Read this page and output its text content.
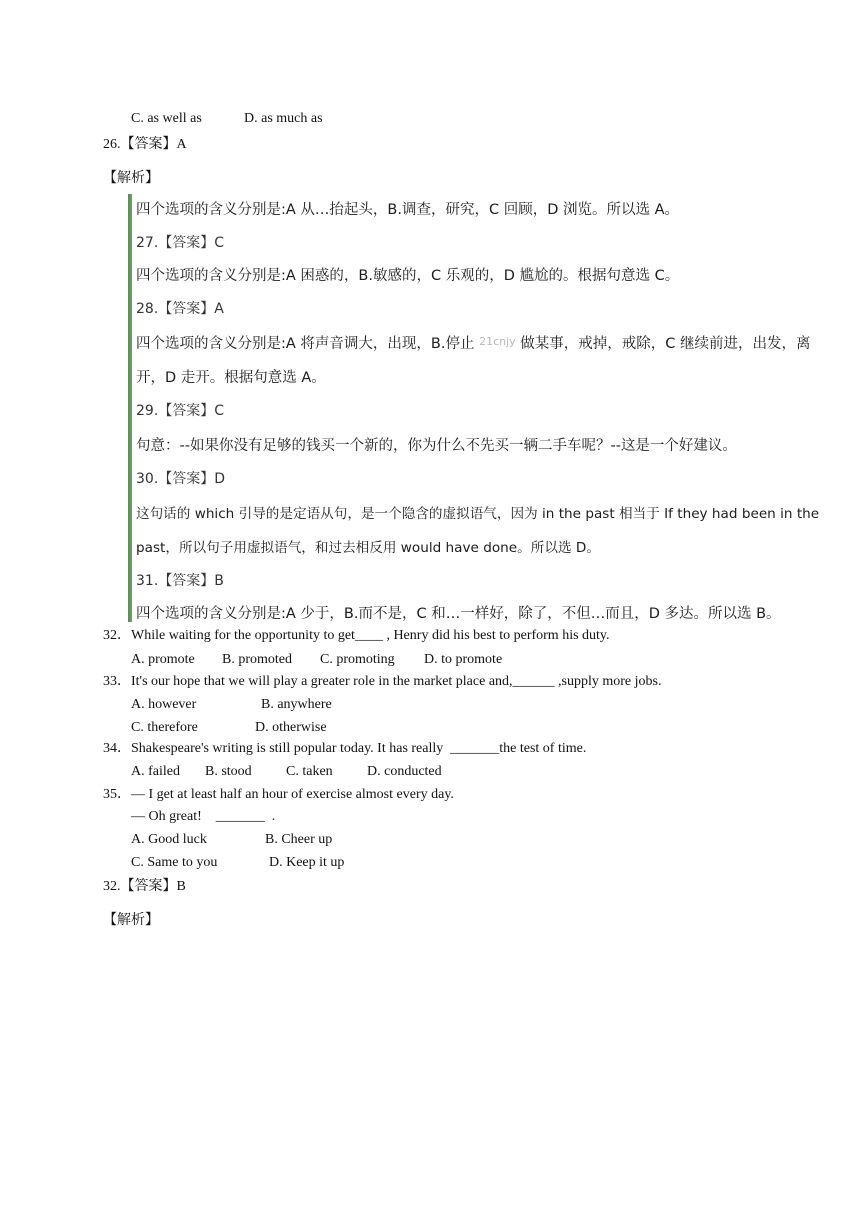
C. as well as	D. as much as
26.【答案】A
【解析】
四个选项的含义分别是:A 从…抬起头，B.调查，研究，C 回顾，D 浏览。所以选 A。
27.【答案】C
四个选项的含义分别是:A 困惑的，B.敏感的，C 乐观的，D 尴尬的。根据句意选 C。
28.【答案】A
四个选项的含义分别是:A 将声音调大，出现，B.停止 $^{21cnjy}$ 做某事，戒掉，戒除，C 继续前进，出发，离
开，D 走开。根据句意选 A。
29.【答案】C
句意：--如果你没有足够的钱买一个新的，你为什么不先买一辆二手车呢？--这是一个好建议。
30.【答案】D
这句话的 which 引导的是定语从句，是一个隐含的虚拟语气，因为 in the past 相当于 If they had been in the
past，所以句子用虚拟语气，和过去相反用 would have done。所以选 D。
31.【答案】B
四个选项的含义分别是:A 少于，B.而不是，C 和…一样好，除了，不但…而且，D 多达。所以选 B。
32．While waiting for the opportunity to get____ , Henry did his best to perform his duty.
A. promote B. promoted C. promoting D. to promote
33．It's our hope that we will play a greater role in the market place and,______ ,supply more jobs.
A. however	B. anywhere
C. therefore	D. otherwise
34．Shakespeare's writing is still popular today. It has really  _______the test of time.
A. failed B. stood C. taken D. conducted
35．— I get at least half an hour of exercise almost every day.
— Oh great!    _______  .
A. Good luck	B. Cheer up
C. Same to you	D. Keep it up
32.【答案】B
【解析】
